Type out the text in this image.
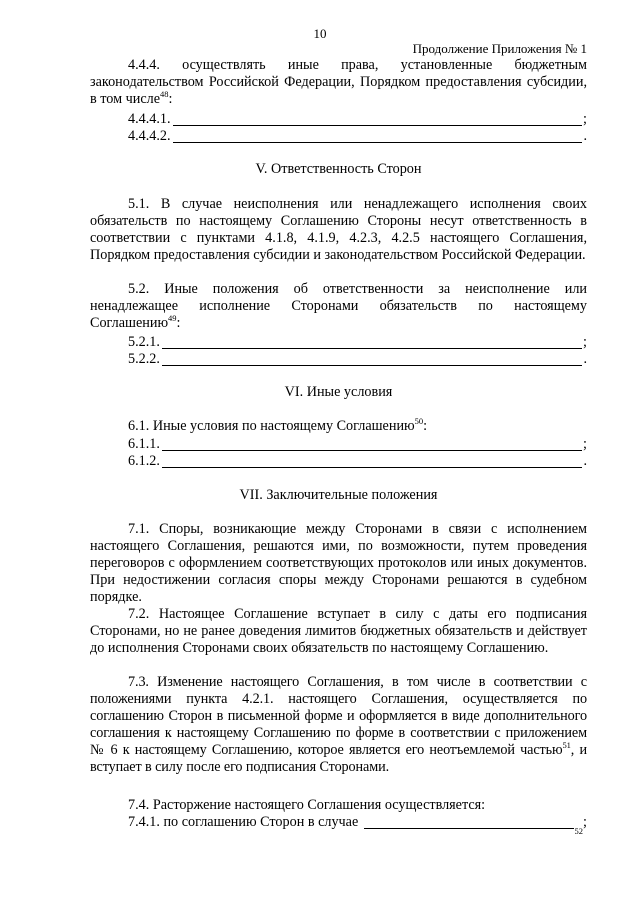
10
Продолжение Приложения № 1
4.4.4. осуществлять иные права, установленные бюджетным законодательством Российской Федерации, Порядком предоставления субсидии, в том числе$^{48}$:
4.4.4.1.	;
4.4.4.2.	.
V. Ответственность Сторон
5.1. В случае неисполнения или ненадлежащего исполнения своих обязательств по настоящему Соглашению Стороны несут ответственность в соответствии с пунктами 4.1.8, 4.1.9, 4.2.3, 4.2.5 настоящего Соглашения, Порядком предоставления субсидии и законодательством Российской Федерации.
5.2. Иные положения об ответственности за неисполнение или ненадлежащее исполнение Сторонами обязательств по настоящему Соглашению$^{49}$:
5.2.1.	;
5.2.2.	.
VI. Иные условия
6.1. Иные условия по настоящему Соглашению$^{50}$:
6.1.1.	;
6.1.2.	.
VII. Заключительные положения
7.1. Споры, возникающие между Сторонами в связи с исполнением настоящего Соглашения, решаются ими, по возможности, путем проведения переговоров с оформлением соответствующих протоколов или иных документов. При недостижении согласия споры между Сторонами решаются в судебном порядке.
7.2. Настоящее Соглашение вступает в силу с даты его подписания Сторонами, но не ранее доведения лимитов бюджетных обязательств и действует до исполнения Сторонами своих обязательств по настоящему Соглашению.
7.3. Изменение настоящего Соглашения, в том числе в соответствии с положениями пункта 4.2.1. настоящего Соглашения, осуществляется по соглашению Сторон в письменной форме и оформляется в виде дополнительного соглашения к настоящему Соглашению по форме в соответствии с приложением № 6 к настоящему Соглашению, которое является его неотъемлемой частью$^{51}$, и вступает в силу после его подписания Сторонами.
7.4. Расторжение настоящего Соглашения осуществляется:
7.4.1. по соглашению Сторон в случае
52
;
